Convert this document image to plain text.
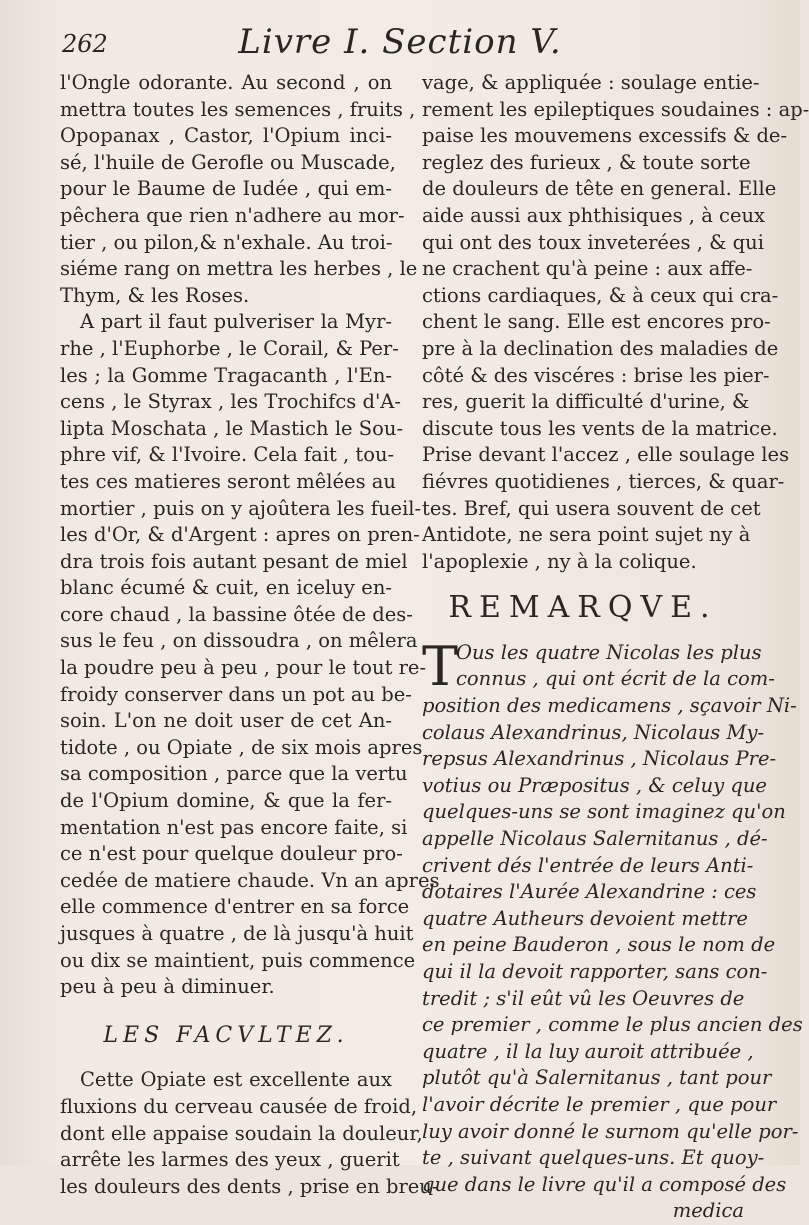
262	Livre I. Section V.
l'Ongle odorante. Au second , on
mettra toutes les semences , fruits ,
Opopanax , Castor, l'Opium inci-
sé, l'huile de Gerofle ou Muscade,
pour le Baume de Iudée , qui em-
pêchera que rien n'adhere au mor-
tier , ou pilon,& n'exhale. Au troi-
siéme rang on mettra les herbes , le
Thym, & les Roses.
A part il faut pulveriser la Myr-
rhe , l'Euphorbe , le Corail, & Per-
les ; la Gomme Tragacanth , l'En-
cens , le Styrax , les Trochifcs d'A-
lipta Moschata , le Mastich le Sou-
phre vif, & l'Ivoire. Cela fait , tou-
tes ces matieres seront mêlées au
mortier , puis on y ajoûtera les fueil-
les d'Or, & d'Argent : apres on pren-
dra trois fois autant pesant de miel
blanc écumé & cuit, en iceluy en-
core chaud , la bassine ôtée de des-
sus le feu , on dissoudra , on mêlera
la poudre peu à peu , pour le tout re-
froidy conserver dans un pot au be-
soin. L'on ne doit user de cet An-
tidote , ou Opiate , de six mois apres
sa composition , parce que la vertu
de l'Opium domine, & que la fer-
mentation n'est pas encore faite, si
ce n'est pour quelque douleur pro-
cedée de matiere chaude. Vn an apres
elle commence d'entrer en sa force
jusques à quatre , de là jusqu'à huit
ou dix se maintient, puis commence
peu à peu à diminuer.
LES FACVLTEZ.
Cette Opiate est excellente aux
fluxions du cerveau causée de froid,
dont elle appaise soudain la douleur,
arrête les larmes des yeux , guerit
les douleurs des dents , prise en breu-
vage, & appliquée : soulage entie-
rement les epileptiques soudaines : ap-
paise les mouvemens excessifs & de-
reglez des furieux , & toute sorte
de douleurs de tête en general. Elle
aide aussi aux phthisiques , à ceux
qui ont des toux inveterées , & qui
ne crachent qu'à peine : aux affe-
ctions cardiaques, & à ceux qui cra-
chent le sang. Elle est encores pro-
pre à la declination des maladies de
côté & des viscéres : brise les pier-
res, guerit la difficulté d'urine, &
discute tous les vents de la matrice.
Prise devant l'accez , elle soulage les
fiévres quotidienes , tierces, & quar-
tes. Bref, qui usera souvent de cet
Antidote, ne sera point sujet ny à
l'apoplexie , ny à la colique.
REMARQVE.
T
Ous les quatre Nicolas les plus
connus , qui ont écrit de la com-
position des medicamens , sçavoir Ni-
colaus Alexandrinus, Nicolaus My-
repsus Alexandrinus , Nicolaus Pre-
votius ou Præpositus , & celuy que
quelques-uns se sont imaginez qu'on
appelle Nicolaus Salernitanus , dé-
crivent dés l'entrée de leurs Anti-
dotaires l'Aurée Alexandrine : ces
quatre Autheurs devoient mettre
en peine Bauderon , sous le nom de
qui il la devoit rapporter, sans con-
tredit ; s'il eût vû les Oeuvres de
ce premier , comme le plus ancien des
quatre , il la luy auroit attribuée ,
plutôt qu'à Salernitanus , tant pour
l'avoir décrite le premier , que pour
luy avoir donné le surnom qu'elle por-
te , suivant quelques-uns. Et quoy-
que dans le livre qu'il a composé des
medica
